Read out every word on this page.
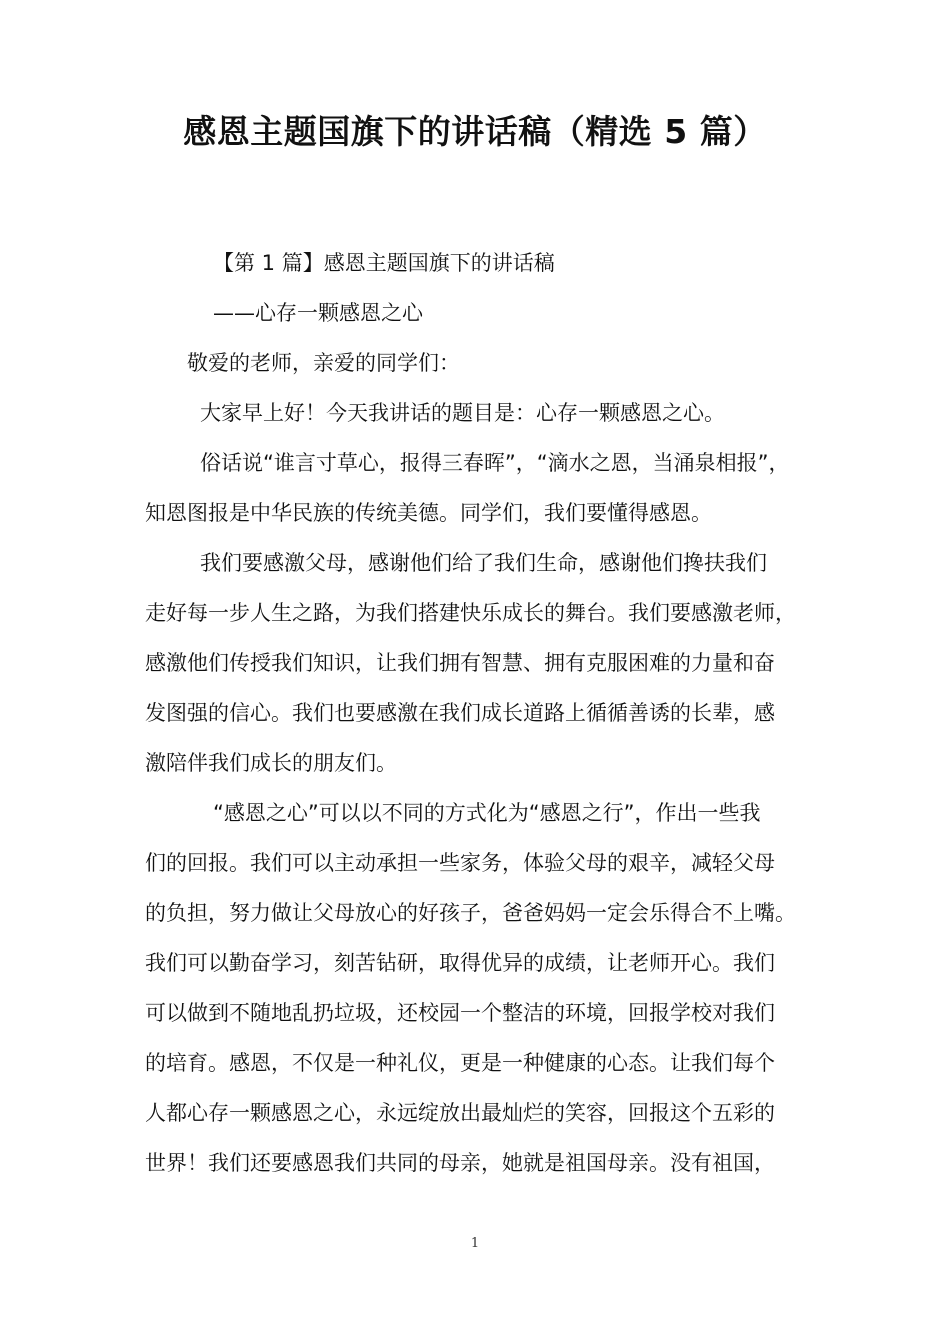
感恩主题国旗下的讲话稿（精选 5 篇）
【第 1 篇】感恩主题国旗下的讲话稿
——心存一颗感恩之心
敬爱的老师，亲爱的同学们：
大家早上好！今天我讲话的题目是：心存一颗感恩之心。
俗话说“谁言寸草心，报得三春晖”，“滴水之恩，当涌泉相报”，
知恩图报是中华民族的传统美德。同学们，我们要懂得感恩。
我们要感激父母，感谢他们给了我们生命，感谢他们搀扶我们
走好每一步人生之路，为我们搭建快乐成长的舞台。我们要感激老师，
感激他们传授我们知识，让我们拥有智慧、拥有克服困难的力量和奋
发图强的信心。我们也要感激在我们成长道路上循循善诱的长辈，感
激陪伴我们成长的朋友们。
“感恩之心”可以以不同的方式化为“感恩之行”，作出一些我
们的回报。我们可以主动承担一些家务，体验父母的艰辛，减轻父母
的负担，努力做让父母放心的好孩子，爸爸妈妈一定会乐得合不上嘴。
我们可以勤奋学习，刻苦钻研，取得优异的成绩，让老师开心。我们
可以做到不随地乱扔垃圾，还校园一个整洁的环境，回报学校对我们
的培育。感恩，不仅是一种礼仪，更是一种健康的心态。让我们每个
人都心存一颗感恩之心，永远绽放出最灿烂的笑容，回报这个五彩的
世界！我们还要感恩我们共同的母亲，她就是祖国母亲。没有祖国，
1
